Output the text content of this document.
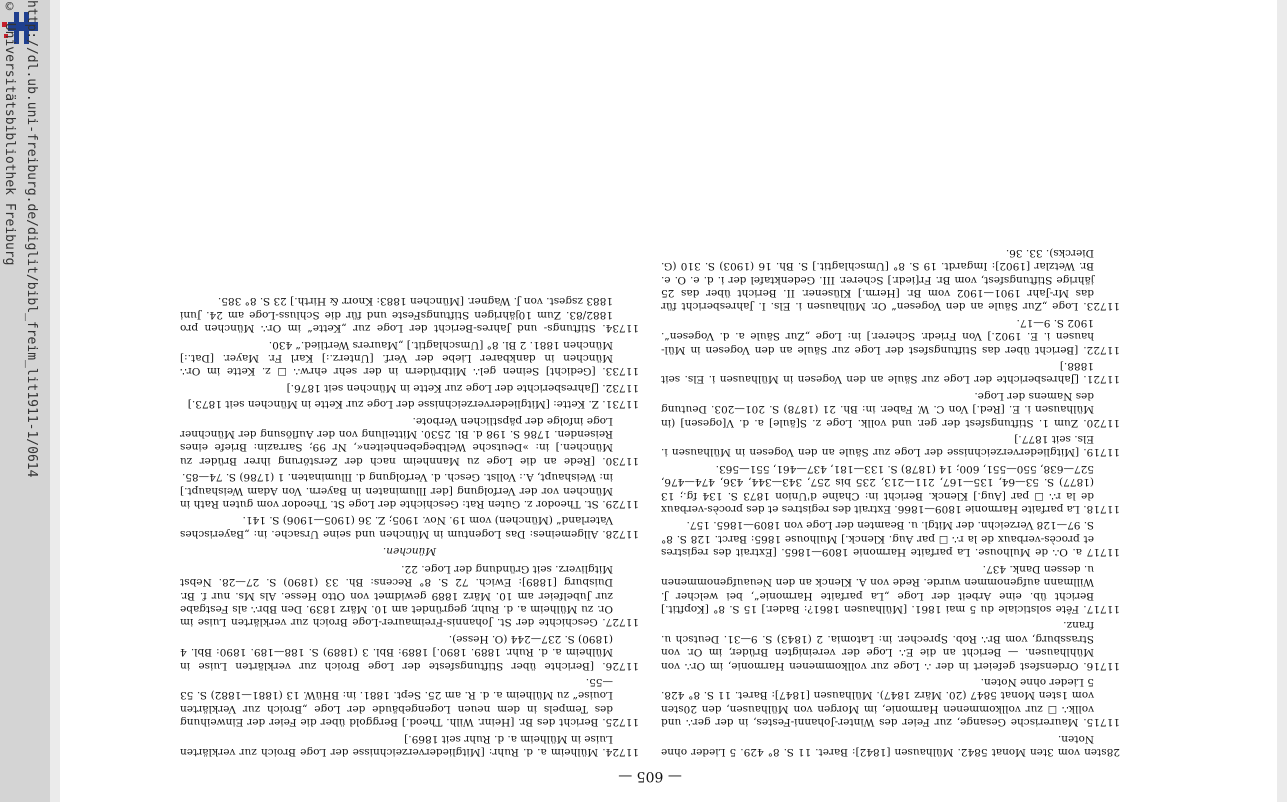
http://dl.ub.uni-freiburg.de/diglit/bibl_freim_lit1911-1/0614
© Universitätsbibliothek Freiburg
— 605 —

28sten vom 3ten Monat 5842. Mülhausen [1842]: Baret. 11 S. 8° 429. 5 Lieder ohne Noten.

11715. Maurerische Gesange, zur Feier des Winter-Johanni-Festes, in der ger∴ und vollk∴ ☐ zur vollkommenen Harmonie, im Morgen von Mülhausen, den 20sten vom 1sten Monat 5847 (20. März 1847). Mülhausen [1847]: Baret. 11 S. 8° 428. 5 Lieder ohne Noten.

11716. Ordensfest gefeiert in der ∴ Loge zur vollkommenen Harmonie, im Or∴ von Mühlhausen. — Bericht an die E∴ Loge der vereinigten Brüder, im Or. von Strassburg, vom Br∴ Rob. Sprecher. in: Latomia. 2 (1843) S. 9—31. Deutsch u. franz.

11717. Fête solsticiale du 5 mai 1861. [Mülhausen 1861?: Bader.] 15 S. 8° [Kopftit.] Bericht üb. eine Arbeit der Loge „La parfaite Harmonie“, bei welcher J. Willmann aufgenommen wurde. Rede von A. Klenck an den Neuaufgenommenen u. dessen Dank. 437.

11717 a. O∴ de Mulhouse. La parfaite Harmonie 1809—1865. [Extrait des registres et procès-verbaux de la r∴ ☐ par Aug. Klenck.] Mulhouse 1865: Barct. 128 S. 8° S. 97—128 Verzeichn. der Mitgl. u. Beamten der Loge von 1809—1865. 157.

11718. La parfaite Harmonie 1809—1866. Extrait des registres et des procès-verbaux de la r∴ ☐ par [Aug.] Klenck. Bericht in: Chaîne d'Union 1873 S. 134 fg.; 13 (1877) S. 53—64, 135—167, 211—213, 235 bis 257, 343—344, 436, 474—476, 527—638, 550—551, 600; 14 (1878) S. 133—181, 437—461, 551—563.

11719. [Mitgliederverzeichnisse der Loge zur Säule an den Vogesen in Mülhausen i. Els. seit 1877.]

11720. Zum 1. Stiftungsfest der ger. und vollk. Loge z. S[äule] a. d. V[ogesen] (in Mülhausen i. E. [Red.] Von C. W. Faber. in: Bh. 21 (1878) S. 201—203. Deutung des Namens der Loge.

11721. [Jahresberichte der Loge zur Säule an den Vogesen in Mülhausen i. Els. seit 1888.]

11722. [Bericht über das Stiftungsfest der Loge zur Säule an den Vogesen in Mülhausen i. E. 1902.] Von Friedr. Scherer.] in: Loge „Zur Säule a. d. Vogesen“. 1902 S. 9—17.

11723. Loge „Zur Säule an den Vogesen“ Or. Mülhausen i. Els. I. Jahresbericht für das Mr-Jahr 1901—1902 vom Br. [Herm.] Klüsener. II. Bericht über das 25 jährige Stiftungsfest, vom Br. Fr[iedr.] Scherer. III. Gedenktafel der i. d. e. O. e. Br. Wetzlar [1902]: Imgardt. 19 S. 8° [Umschlagtit.] S. Bh. 16 (1903) S. 310 (G. Diercks). 33. 36.

11724. Mülheim a. d. Ruhr: [Mitgliederverzeichnisse der Loge Broich zur verklärten Luise in Mülheim a. d. Ruhr seit 1869.]

11725. Bericht des Br. [Heinr. Wilh. Theod.] Berggold über die Feier der Einweihung des Tempels in dem neuen Logengebäude der Loge „Broich zur Verklärten Louise“ zu Mülheim a. d. R. am 25. Sept. 1881. in: BHüW. 13 (1881—1882) S. 53—55.

11726. [Berichte über Stiftungsfeste der Loge Broich zur verklärten Luise in Mülheim a. d. Ruhr. 1889. 1890.] 1889: Bbl. 3 (1889) S. 188—189. 1890: Bbl. 4 (1890) S. 237—244 (O. Hesse).

11727. Geschichte der St. Johannis-Freimaurer-Loge Broich zur verklärten Luise im Or. zu Mülheim a. d. Ruhr, gegründet am 10. März 1839. Den Bbr∴ als Festgabe zur Jubelfeier am 10. März 1889 gewidmet von Otto Hesse. Als Ms. nur f. Br. Duisburg [1889]: Ewich. 72 S. 8° Recens: Bh. 33 (1890) S. 27—28. Nebst Mitgliverz. seit Gründung der Loge. 22.

München.

11728. Allgemeines: Das Logentum in München und seine Ursache. in: „Bayerisches Vaterland“ (München) vom 19. Nov. 1905; Z. 36 (1905—1906) S. 141.

11729. St. Theodor z. Guten Rat: Geschichte der Loge St. Theodor vom guten Rath in München vor der Verfolgung [der Illuminaten in Bayern. Von Adam Weishaupt.] in: Weishaupt, A.: Vollst. Gesch. d. Verfolgung d. Illuminaten. 1 (1786) S. 74—85.

11730. [Rede an die Loge zu Mannheim nach der Zerstörung ihrer Brüder zu München.] in: »Deutsche Weltbegebenheiten«, Nr 99; Sarrazin: Briefe eines Reisenden. 1786 S. 198 d. Bl. 2530. Mitteilung von der Auflösung der Münchner Loge infolge der päpstlichen Verbote.

11731. Z. Kette: [Mitgliederverzeichnisse der Loge zur Kette in München seit 1873.]

11732. [Jahresberichte der Loge zur Kette in München seit 1876.]

11733. [Gedicht] Seinen gel∴ Mitbrüdern in der sehr ehrw∴ ☐ z. Kette im Or∴ München in dankbarer Liebe der Verf. [Unterz.:] Karl Fr. Mayer. [Dat.:] München 1881. 2 Bl. 8° [Umschlagtit.] „Maurers Wertlied.“ 430.

11734. Stiftungs- und Jahres-Bericht der Loge zur „Kette“ im Or∴ München pro 1882/83. Zum 10jährigen StiftungsFeste und für die Schluss-Loge am 24. Juni 1883 zsgest. von J. Wagner. [München 1883: Knorr & Hirth.] 23 S. 8° 385.
